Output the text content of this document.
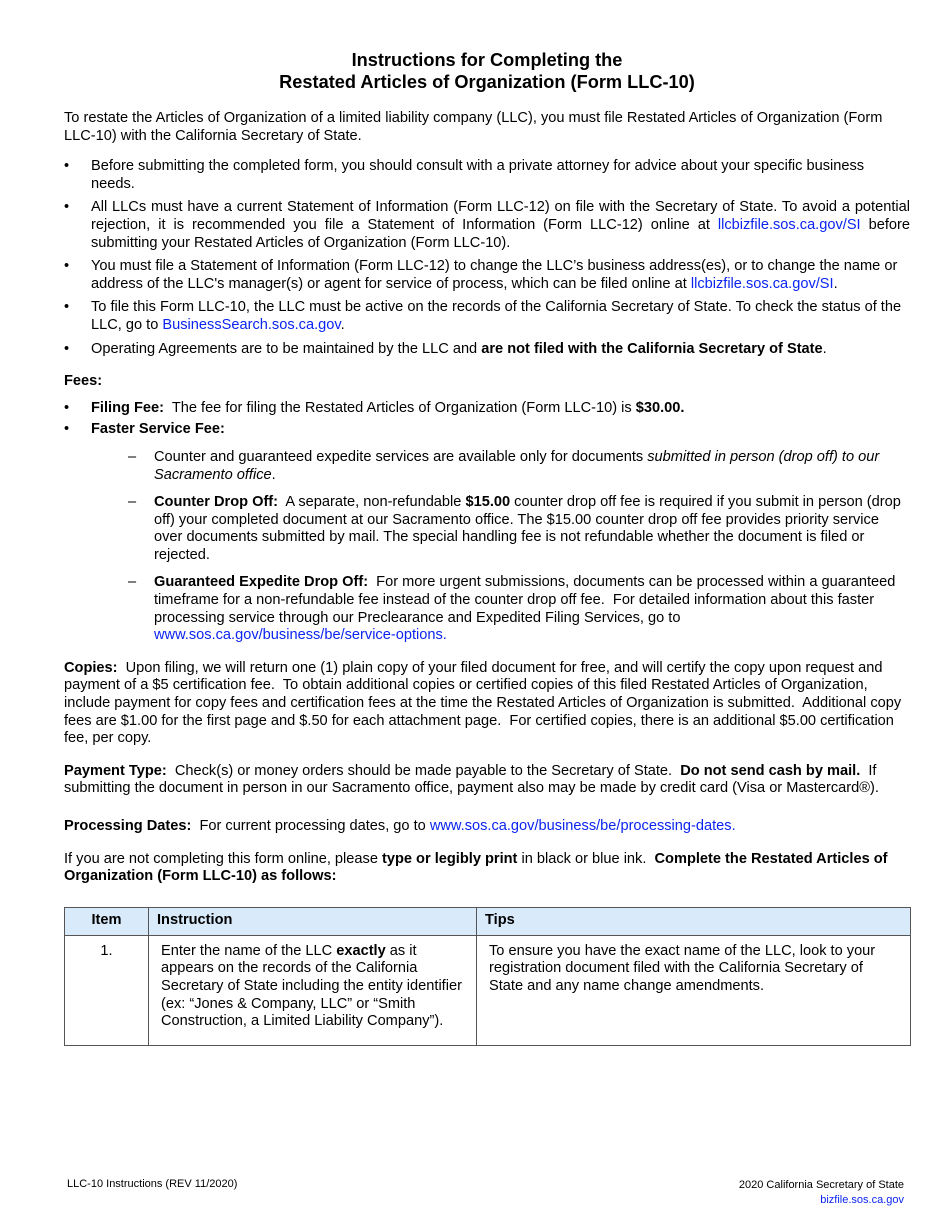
Instructions for Completing the
Restated Articles of Organization (Form LLC-10)

To restate the Articles of Organization of a limited liability company (LLC), you must file Restated Articles of Organization (Form LLC-10) with the California Secretary of State.

• Before submitting the completed form, you should consult with a private attorney for advice about your specific business needs.
• All LLCs must have a current Statement of Information (Form LLC-12) on file with the Secretary of State. To avoid a potential rejection, it is recommended you file a Statement of Information (Form LLC-12) online at llcbizfile.sos.ca.gov/SI before submitting your Restated Articles of Organization (Form LLC-10).
• You must file a Statement of Information (Form LLC-12) to change the LLC’s business address(es), or to change the name or address of the LLC's manager(s) or agent for service of process, which can be filed online at llcbizfile.sos.ca.gov/SI.
• To file this Form LLC-10, the LLC must be active on the records of the California Secretary of State. To check the status of the LLC, go to BusinessSearch.sos.ca.gov.
• Operating Agreements are to be maintained by the LLC and are not filed with the California Secretary of State.

Fees:

• Filing Fee:  The fee for filing the Restated Articles of Organization (Form LLC-10) is $30.00.
• Faster Service Fee:
– Counter and guaranteed expedite services are available only for documents submitted in person (drop off) to our Sacramento office.
– Counter Drop Off:  A separate, non-refundable $15.00 counter drop off fee is required if you submit in person (drop off) your completed document at our Sacramento office. The $15.00 counter drop off fee provides priority service over documents submitted by mail. The special handling fee is not refundable whether the document is filed or rejected.
– Guaranteed Expedite Drop Off:  For more urgent submissions, documents can be processed within a guaranteed timeframe for a non-refundable fee instead of the counter drop off fee.  For detailed information about this faster processing service through our Preclearance and Expedited Filing Services, go to www.sos.ca.gov/business/be/service-options.

Copies:  Upon filing, we will return one (1) plain copy of your filed document for free, and will certify the copy upon request and payment of a $5 certification fee.  To obtain additional copies or certified copies of this filed Restated Articles of Organization, include payment for copy fees and certification fees at the time the Restated Articles of Organization is submitted.  Additional copy fees are $1.00 for the first page and $.50 for each attachment page.  For certified copies, there is an additional $5.00 certification fee, per copy.

Payment Type:  Check(s) or money orders should be made payable to the Secretary of State.  Do not send cash by mail.  If submitting the document in person in our Sacramento office, payment also may be made by credit card (Visa or Mastercard®).

Processing Dates:  For current processing dates, go to www.sos.ca.gov/business/be/processing-dates.

If you are not completing this form online, please type or legibly print in black or blue ink.  Complete the Restated Articles of Organization (Form LLC-10) as follows:

Item	Instruction	Tips
1.	Enter the name of the LLC exactly as it appears on the records of the California Secretary of State including the entity identifier (ex: “Jones & Company, LLC” or “Smith Construction, a Limited Liability Company”).	To ensure you have the exact name of the LLC, look to your registration document filed with the California Secretary of State and any name change amendments.
LLC-10 Instructions (REV 11/2020)	2020 California Secretary of State
bizfile.sos.ca.gov
